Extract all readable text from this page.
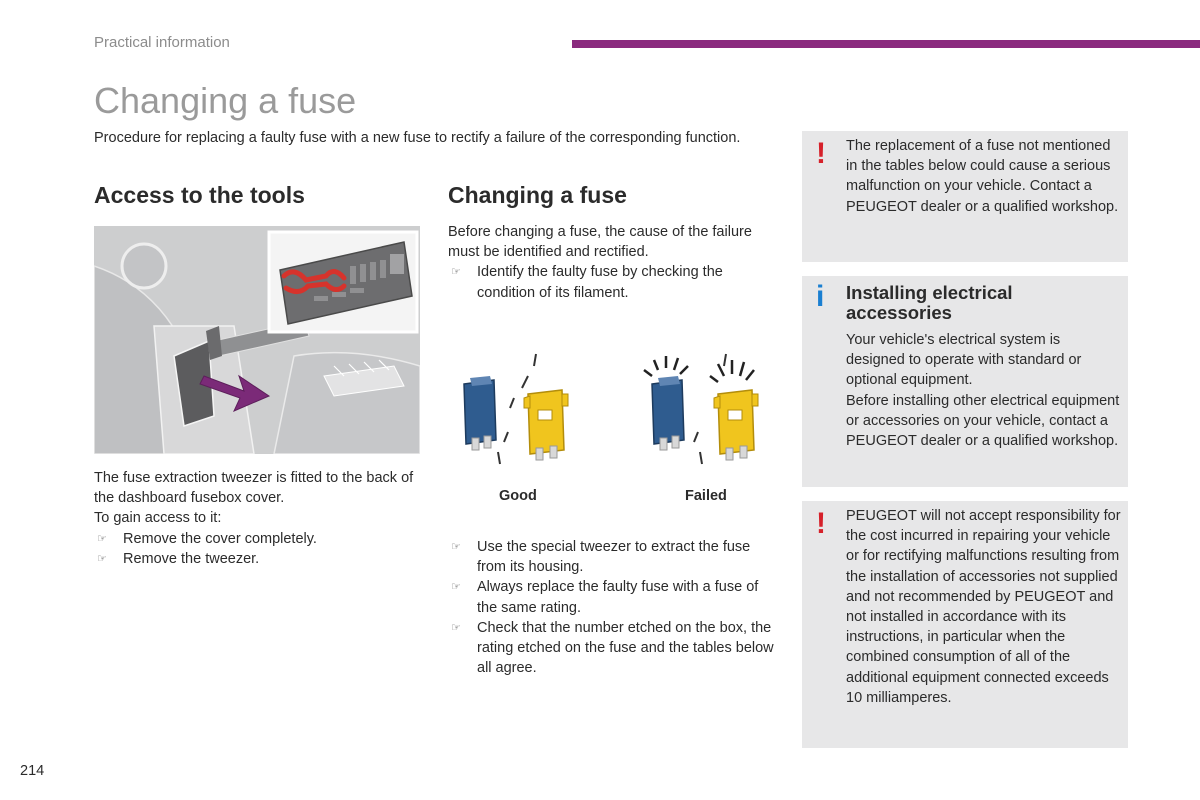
Practical information
Changing a fuse

Procedure for replacing a faulty fuse with a new fuse to rectify a failure of the corresponding function.

Access to the tools	Changing a fuse

The fuse extraction tweezer is fitted to the back of the dashboard fusebox cover.

To gain access to it:

☞ Remove the cover completely.

☞ Remove the tweezer.

Before changing a fuse, the cause of the failure must be identified and rectified.

☞ Identify the faulty fuse by checking the condition of its filament.

Good	Failed

☞ Use the special tweezer to extract the fuse from its housing.

☞ Always replace the faulty fuse with a fuse of the same rating.

☞ Check that the number etched on the box, the rating etched on the fuse and the tables below all agree.

! The replacement of a fuse not mentioned in the tables below could cause a serious malfunction on your vehicle. Contact a PEUGEOT dealer or a qualified workshop.
i Installing electrical accessories

Your vehicle's electrical system is designed to operate with standard or optional equipment.

Before installing other electrical equipment or accessories on your vehicle, contact a PEUGEOT dealer or a qualified workshop.

! PEUGEOT will not accept responsibility for the cost incurred in repairing your vehicle or for rectifying malfunctions resulting from the installation of accessories not supplied and not recommended by PEUGEOT and not installed in accordance with its instructions, in particular when the combined consumption of all of the additional equipment connected exceeds 10 milliamperes.
214
